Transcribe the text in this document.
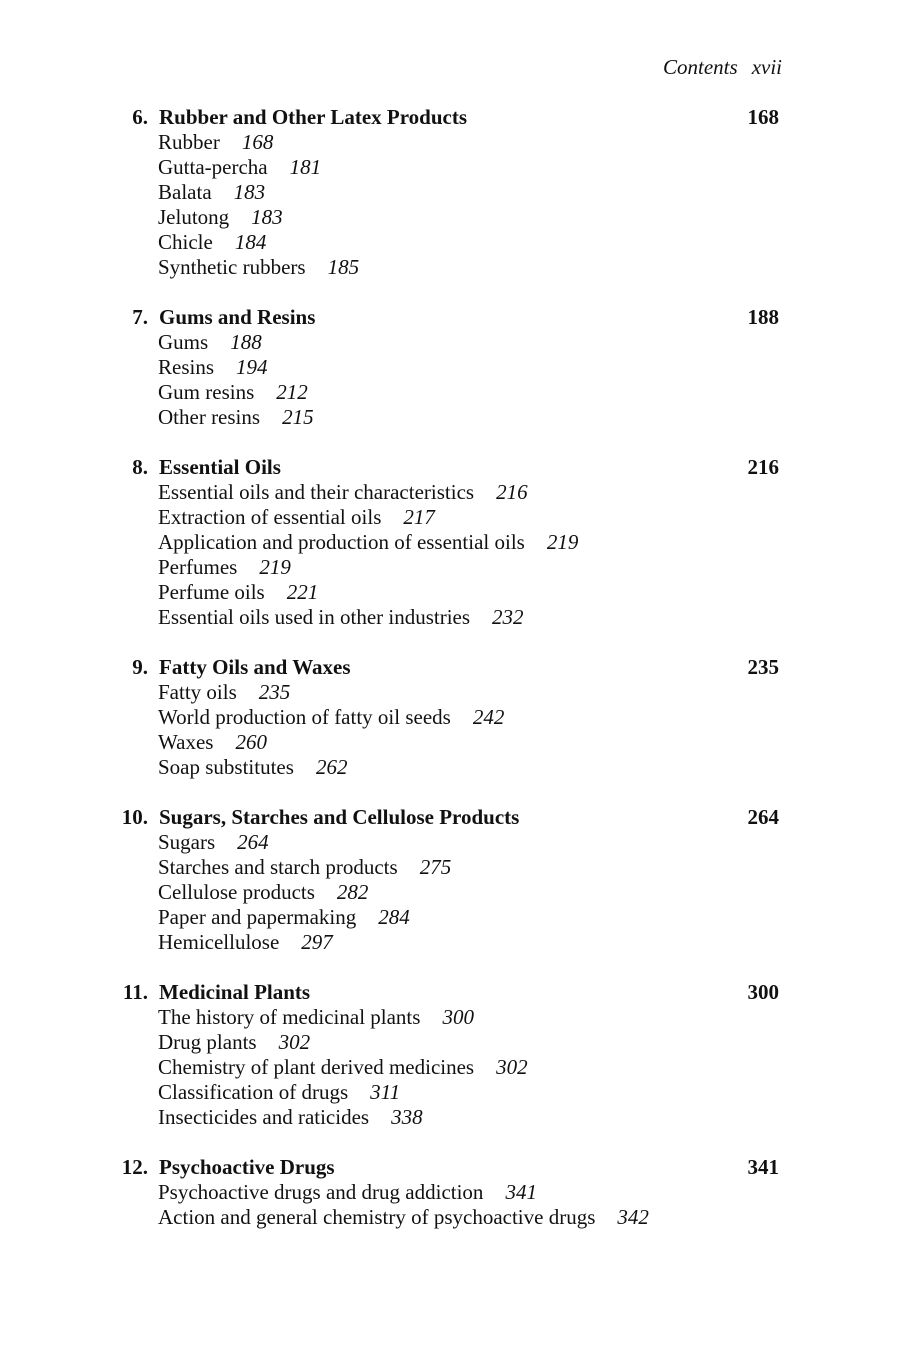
Contents xvii
6. Rubber and Other Latex Products	168
Rubber 168
Gutta-percha 181
Balata 183
Jelutong 183
Chicle 184
Synthetic rubbers 185
7. Gums and Resins	188
Gums 188
Resins 194
Gum resins 212
Other resins 215
8. Essential Oils	216
Essential oils and their characteristics 216
Extraction of essential oils 217
Application and production of essential oils 219
Perfumes 219
Perfume oils 221
Essential oils used in other industries 232
9. Fatty Oils and Waxes	235
Fatty oils 235
World production of fatty oil seeds 242
Waxes 260
Soap substitutes 262
10. Sugars, Starches and Cellulose Products	264
Sugars 264
Starches and starch products 275
Cellulose products 282
Paper and papermaking 284
Hemicellulose 297
11. Medicinal Plants	300
The history of medicinal plants 300
Drug plants 302
Chemistry of plant derived medicines 302
Classification of drugs 311
Insecticides and raticides 338
12. Psychoactive Drugs	341
Psychoactive drugs and drug addiction 341
Action and general chemistry of psychoactive drugs 342
